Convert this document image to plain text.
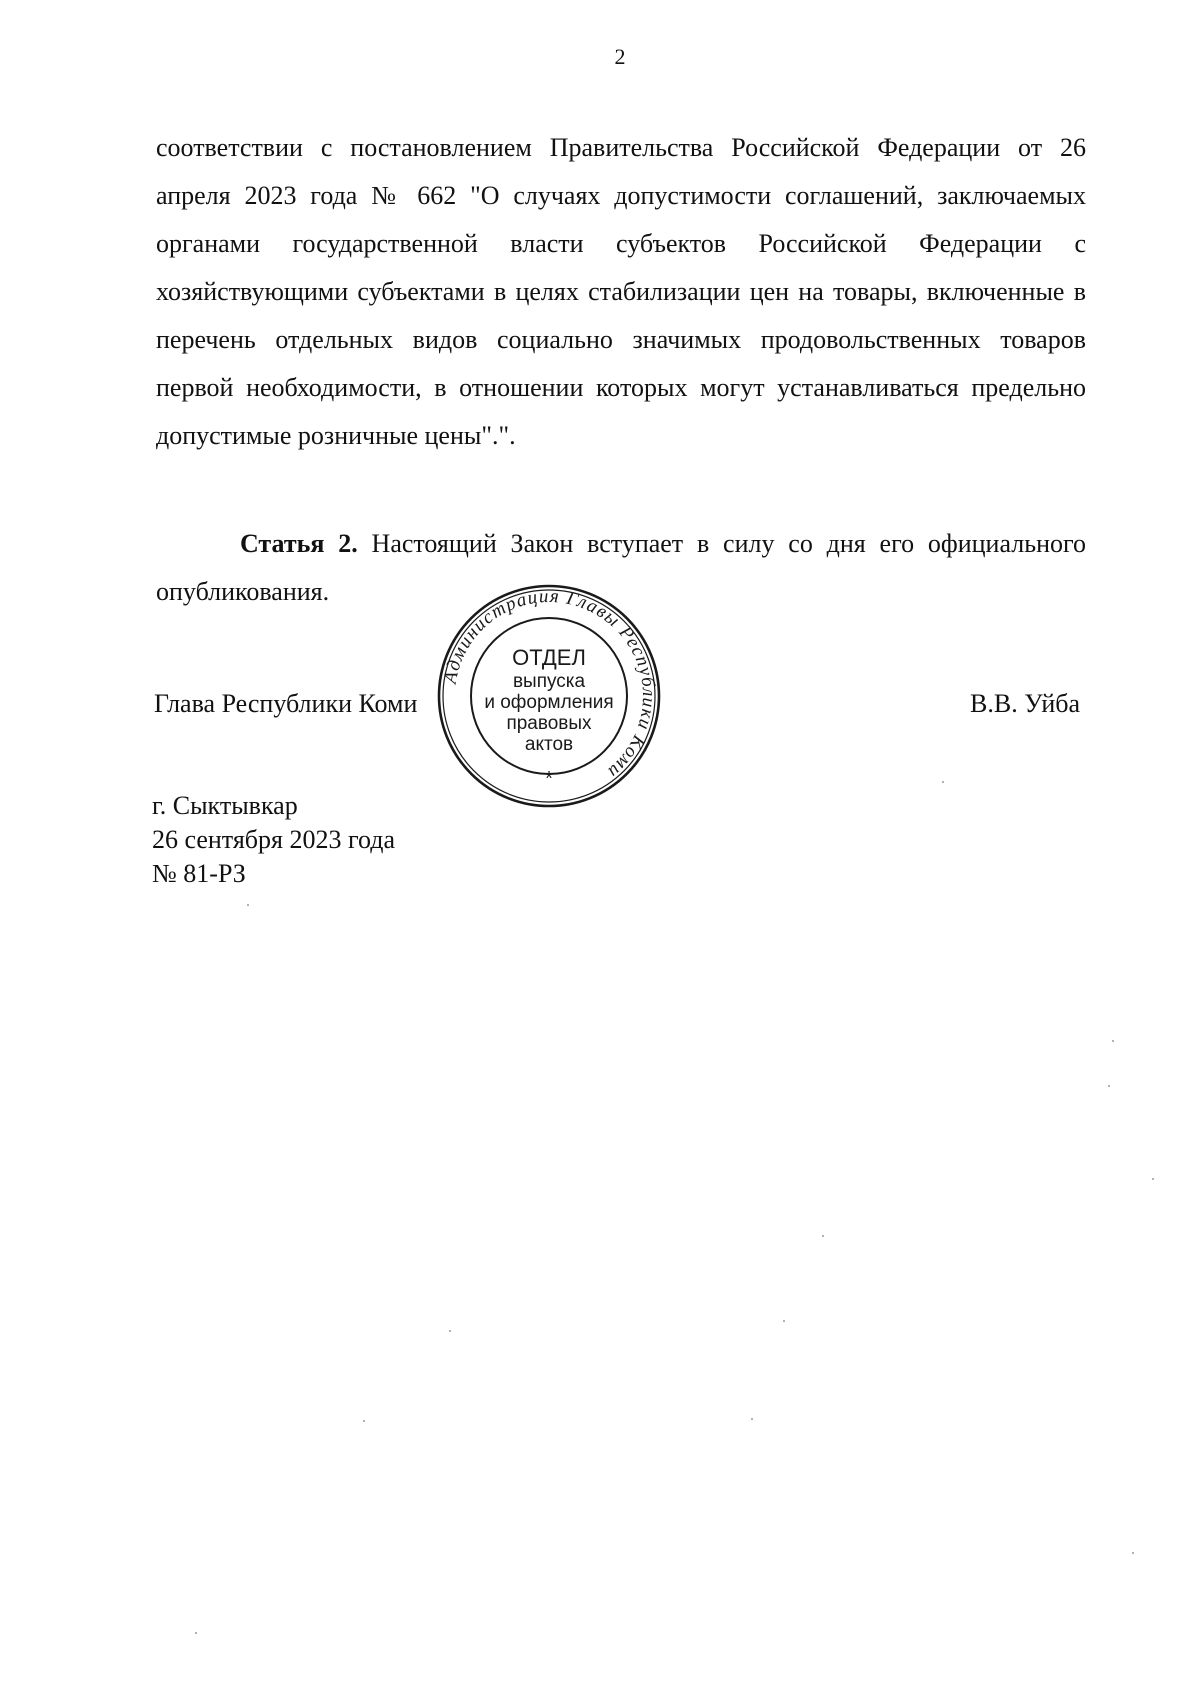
2
соответствии с постановлением Правительства Российской Федерации от 26 апреля 2023 года № 662 "О случаях допустимости соглашений, заключаемых органами государственной власти субъектов Российской Федерации с хозяйствующими субъектами в целях стабилизации цен на товары, включенные в перечень отдельных видов социально значимых продовольственных товаров первой необходимости, в отношении которых могут устанавливаться предельно допустимые розничные цены".".
Статья 2. Настоящий Закон вступает в силу со дня его официального опубликования.
Глава Республики Коми	В.В. Уйба
Администрация Главы Республики Коми
ОТДЕЛ
выпуска
и оформления
правовых
актов
*
г. Сыктывкар
26 сентября 2023 года
№ 81-РЗ
